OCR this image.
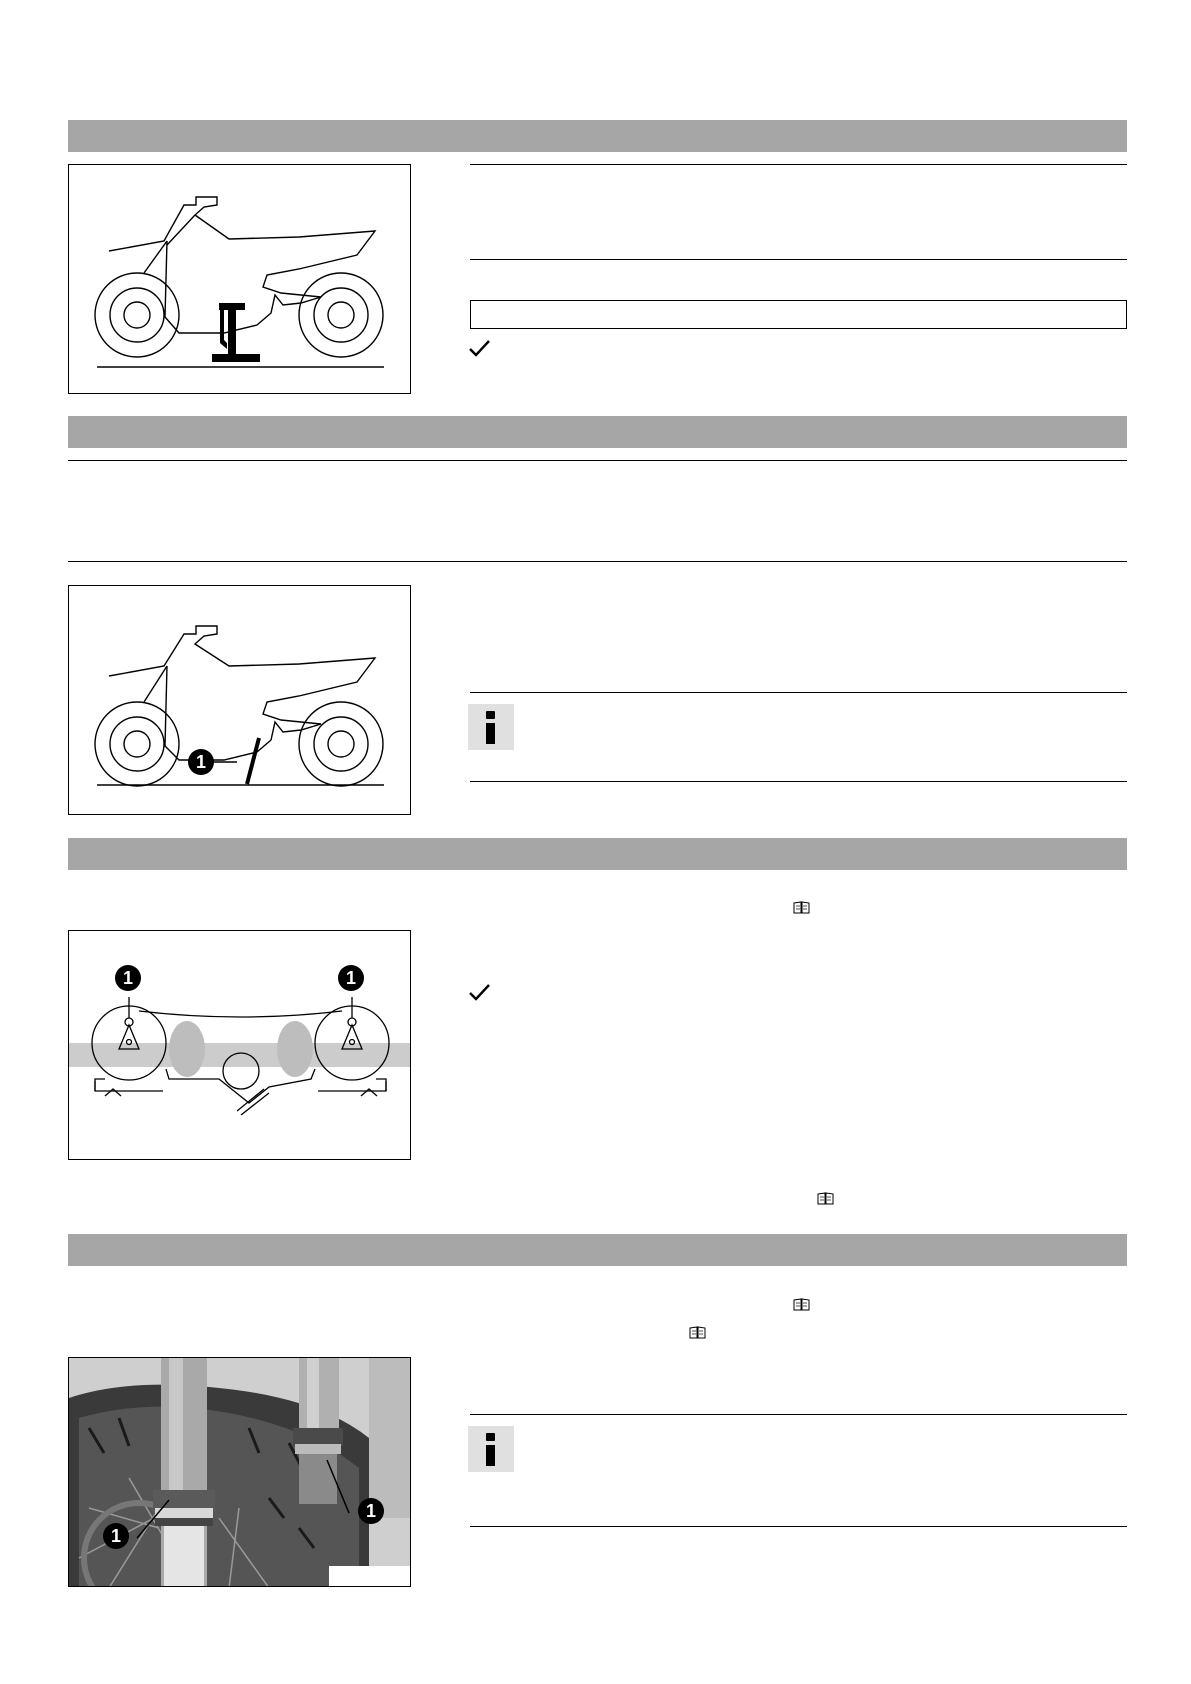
1
1	1
1
1
